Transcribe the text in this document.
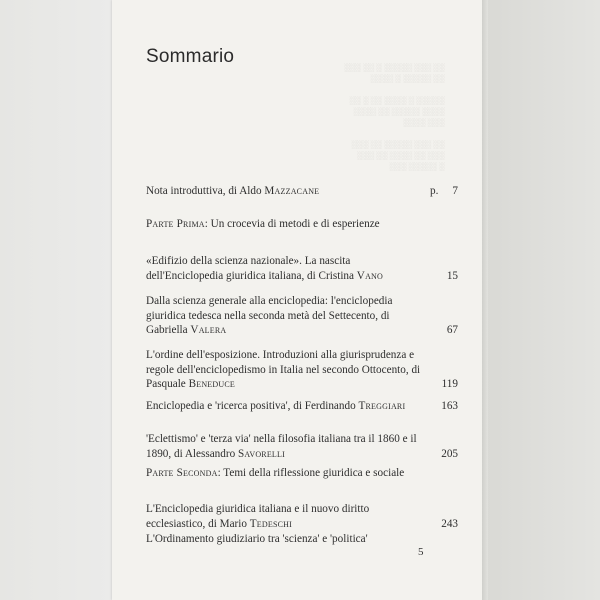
░░ ░░░ ░░░░░ ░ ░░ ░░░
░░ ░░░░░ ░ ░░░░

░░░░░ ░ ░░░░ ░░ ░ ░░
░░░░ ░░░░░ ░░ ░░░░
░░░ ░░░░

░░ ░░░ ░░░░░ ░░ ░░░
░░░ ░░ ░░░░ ░░ ░░░
░ ░░░░░ ░░░
Sommario
Nota introduttiva, di Aldo Mazzacane	p. 7
Parte Prima: Un crocevia di metodi e di esperienze
«Edifizio della scienza nazionale». La nascita dell'Enciclopedia giuridica italiana, di Cristina Vano	15
Dalla scienza generale alla enciclopedia: l'enciclopedia giuridica tedesca nella seconda metà del Settecento, di Gabriella Valera	67
L'ordine dell'esposizione. Introduzioni alla giurisprudenza e regole dell'enciclopedismo in Italia nel secondo Ottocento, di Pasquale Beneduce	119
Enciclopedia e 'ricerca positiva', di Ferdinando Treggiari	163
'Eclettismo' e 'terza via' nella filosofia italiana tra il 1860 e il 1890, di Alessandro Savorelli	205
Parte Seconda: Temi della riflessione giuridica e sociale
L'Enciclopedia giuridica italiana e il nuovo diritto ecclesiastico, di Mario Tedeschi	243
L'Ordinamento giudiziario tra 'scienza' e 'politica'
5
